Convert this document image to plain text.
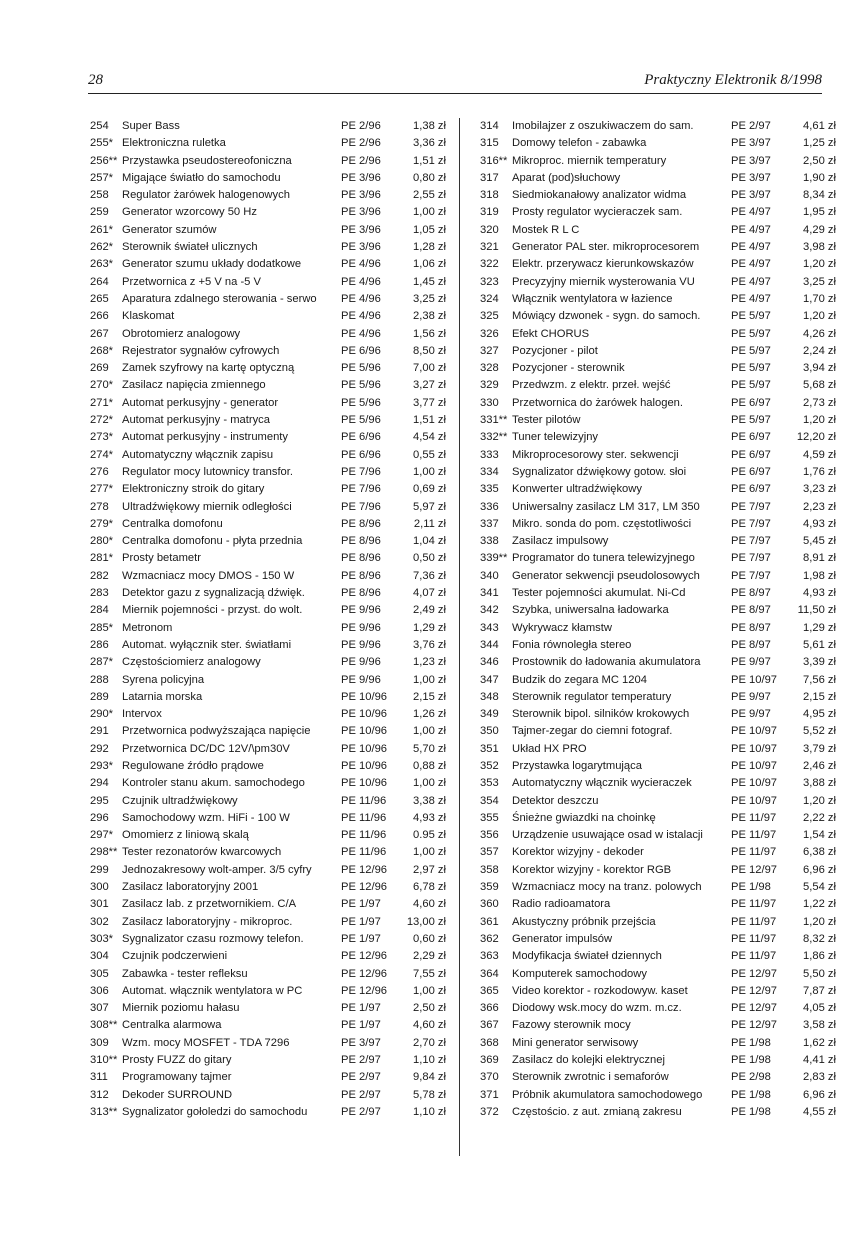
28	Praktyczny Elektronik 8/1998
254 Super Bass	PE 2/96	1,38 zł
255* Elektroniczna ruletka	PE 2/96	3,36 zł
256** Przystawka pseudostereofoniczna	PE 2/96	1,51 zł
257* Migające światło do samochodu	PE 3/96	0,80 zł
258 Regulator żarówek halogenowych	PE 3/96	2,55 zł
259 Generator wzorcowy 50 Hz	PE 3/96	1,00 zł
261* Generator szumów	PE 3/96	1,05 zł
262* Sterownik świateł ulicznych	PE 3/96	1,28 zł
263* Generator szumu układy dodatkowe	PE 4/96	1,06 zł
264 Przetwornica z +5 V na -5 V	PE 4/96	1,45 zł
265 Aparatura zdalnego sterowania - serwo PE 4/96	3,25 zł
266 Klaskomat	PE 4/96	2,38 zł
267 Obrotomierz analogowy	PE 4/96	1,56 zł
268* Rejestrator sygnałów cyfrowych	PE 6/96	8,50 zł
269 Zamek szyfrowy na kartę optyczną	PE 5/96	7,00 zł
270* Zasilacz napięcia zmiennego	PE 5/96	3,27 zł
271* Automat perkusyjny - generator	PE 5/96	3,77 zł
272* Automat perkusyjny - matryca	PE 5/96	1,51 zł
273* Automat perkusyjny - instrumenty	PE 6/96	4,54 zł
274* Automatyczny włącznik zapisu	PE 6/96	0,55 zł
276 Regulator mocy lutownicy transfor.	PE 7/96	1,00 zł
277* Elektroniczny stroik do gitary	PE 7/96	0,69 zł
278 Ultradźwiękowy miernik odległości	PE 7/96	5,97 zł
279* Centralka domofonu	PE 8/96	2,11 zł
280* Centralka domofonu - płyta przednia	PE 8/96	1,04 zł
281* Prosty betametr	PE 8/96	0,50 zł
282 Wzmacniacz mocy DMOS - 150 W	PE 8/96	7,36 zł
283 Detektor gazu z sygnalizacją dźwięk.	PE 8/96	4,07 zł
284 Miernik pojemności - przyst. do wolt.	PE 9/96	2,49 zł
285* Metronom	PE 9/96	1,29 zł
286 Automat. wyłącznik ster. światłami	PE 9/96	3,76 zł
287* Częstościomierz analogowy	PE 9/96	1,23 zł
288 Syrena policyjna	PE 9/96	1,00 zł
289 Latarnia morska	PE 10/96 2,15 zł
290* Intervox	PE 10/96 1,26 zł
291 Przetwornica podwyższająca napięcie	PE 10/96 1,00 zł
292 Przetwornica DC/DC 12V/\pm30V	PE 10/96 5,70 zł
293* Regulowane źródło prądowe	PE 10/96 0,88 zł
294 Kontroler stanu akum. samochodego	PE 10/96 1,00 zł
295 Czujnik ultradźwiękowy	PE 11/96 3,38 zł
296 Samochodowy wzm. HiFi - 100 W	PE 11/96 4,93 zł
297* Omomierz z liniową skalą	PE 11/96 0.95 zł
298** Tester rezonatorów kwarcowych	PE 11/96 1,00 zł
299 Jednozakresowy wolt-amper. 3/5 cyfry	PE 12/96 2,97 zł
300 Zasilacz laboratoryjny 2001	PE 12/96 6,78 zł
301 Zasilacz lab. z przetwornikiem. C/A	PE 1/97	4,60 zł
302 Zasilacz laboratoryjny - mikroproc.	PE 1/97 13,00 zł
303* Sygnalizator czasu rozmowy telefon.	PE 1/97	0,60 zł
304 Czujnik podczerwieni	PE 12/96 2,29 zł
305 Zabawka - tester refleksu	PE 12/96 7,55 zł
306 Automat. włącznik wentylatora w PC	PE 12/96 1,00 zł
307 Miernik poziomu hałasu	PE 1/97	2,50 zł
308** Centralka alarmowa	PE 1/97	4,60 zł
309 Wzm. mocy MOSFET - TDA 7296	PE 3/97	2,70 zł
310** Prosty FUZZ do gitary	PE 2/97	1,10 zł
311 Programowany tajmer	PE 2/97	9,84 zł
312 Dekoder SURROUND	PE 2/97	5,78 zł
313** Sygnalizator gołoledzi do samochodu	PE 2/97	1,10 zł
314 Imobilajzer z oszukiwaczem do sam.	PE 2/97	4,61 zł
315 Domowy telefon - zabawka	PE 3/97	1,25 zł
316** Mikroproc. miernik temperatury	PE 3/97	2,50 zł
317 Aparat (pod)słuchowy	PE 3/97	1,90 zł
318 Siedmiokanałowy analizator widma	PE 3/97	8,34 zł
319 Prosty regulator wycieraczek sam.	PE 4/97	1,95 zł
320 Mostek R L C	PE 4/97	4,29 zł
321 Generator PAL ster. mikroprocesorem	PE 4/97	3,98 zł
322 Elektr. przerywacz kierunkowskazów	PE 4/97	1,20 zł
323 Precyzyjny miernik wysterowania VU	PE 4/97	3,25 zł
324 Włącznik wentylatora w łazience	PE 4/97	1,70 zł
325 Mówiący dzwonek - sygn. do samoch.	PE 5/97	1,20 zł
326 Efekt CHORUS	PE 5/97	4,26 zł
327 Pozycjoner - pilot	PE 5/97	2,24 zł
328 Pozycjoner - sterownik	PE 5/97	3,94 zł
329 Przedwzm. z elektr. przeł. wejść	PE 5/97	5,68 zł
330 Przetwornica do żarówek halogen.	PE 6/97	2,73 zł
331** Tester pilotów	PE 5/97	1,20 zł
332** Tuner telewizyjny	PE 6/97 12,20 zł
333 Mikroprocesorowy ster. sekwencji	PE 6/97	4,59 zł
334 Sygnalizator dźwiękowy gotow. słoi	PE 6/97	1,76 zł
335 Konwerter ultradźwiękowy	PE 6/97	3,23 zł
336 Uniwersalny zasilacz LM 317, LM 350	PE 7/97	2,23 zł
337 Mikro. sonda do pom. częstotliwości	PE 7/97	4,93 zł
338 Zasilacz impulsowy	PE 7/97	5,45 zł
339** Programator do tunera telewizyjnego	PE 7/97	8,91 zł
340 Generator sekwencji pseudolosowych	PE 7/97	1,98 zł
341 Tester pojemności akumulat. Ni-Cd	PE 8/97	4,93 zł
342 Szybka, uniwersalna ładowarka	PE 8/97 11,50 zł
343 Wykrywacz kłamstw	PE 8/97	1,29 zł
344 Fonia równoległa stereo	PE 8/97	5,61 zł
346 Prostownik do ładowania akumulatora	PE 9/97	3,39 zł
347 Budzik do zegara MC 1204	PE 10/97 7,56 zł
348 Sterownik regulator temperatury	PE 9/97	2,15 zł
349 Sterownik bipol. silników krokowych	PE 9/97	4,95 zł
350 Tajmer-zegar do ciemni fotograf.	PE 10/97 5,52 zł
351 Układ HX PRO	PE 10/97 3,79 zł
352 Przystawka logarytmująca	PE 10/97 2,46 zł
353 Automatyczny włącznik wycieraczek	PE 10/97 3,88 zł
354 Detektor deszczu	PE 10/97 1,20 zł
355 Śnieżne gwiazdki na choinkę	PE 11/97 2,22 zł
356 Urządzenie usuwające osad w istalacji	PE 11/97 1,54 zł
357 Korektor wizyjny - dekoder	PE 11/97 6,38 zł
358 Korektor wizyjny - korektor RGB	PE 12/97 6,96 zł
359 Wzmacniacz mocy na tranz. polowych	PE 1/98	5,54 zł
360 Radio radioamatora	PE 11/97 1,22 zł
361 Akustyczny próbnik przejścia	PE 11/97 1,20 zł
362 Generator impulsów	PE 11/97 8,32 zł
363 Modyfikacja świateł dziennych	PE 11/97 1,86 zł
364 Komputerek samochodowy	PE 12/97 5,50 zł
365 Video korektor - rozkodowyw. kaset	PE 12/97 7,87 zł
366 Diodowy wsk.mocy do wzm. m.cz.	PE 12/97 4,05 zł
367 Fazowy sterownik mocy	PE 12/97 3,58 zł
368 Mini generator serwisowy	PE 1/98	1,62 zł
369 Zasilacz do kolejki elektrycznej	PE 1/98	4,41 zł
370 Sterownik zwrotnic i semaforów	PE 2/98	2,83 zł
371 Próbnik akumulatora samochodowego	PE 1/98	6,96 zł
372 Częstościo. z aut. zmianą zakresu	PE 1/98	4,55 zł
